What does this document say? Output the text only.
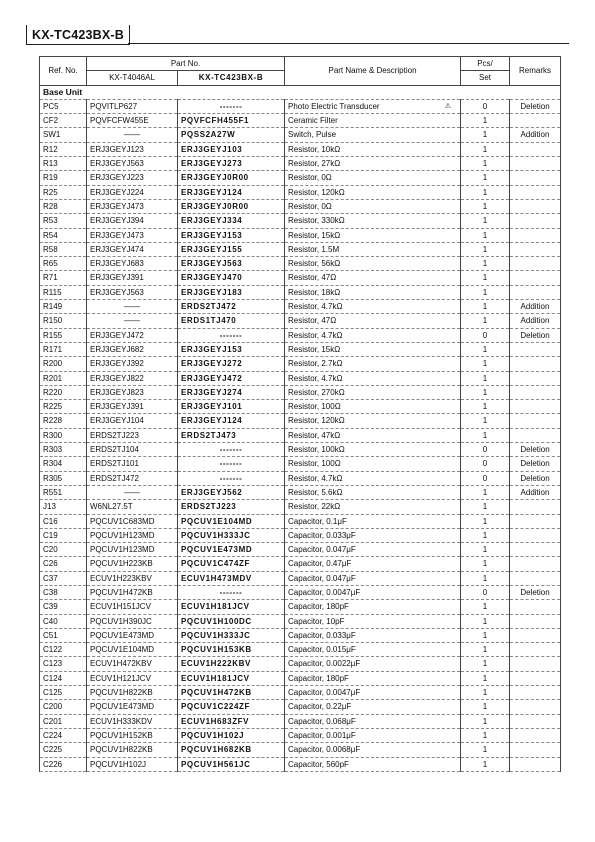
KX-TC423BX-B
Ref. No.	Part No.		Part Name & Description	Pcs/	Remarks
	KX-T4046AL	KX-TC423BX-B		Set	
Base Unit					
PC5	PQVITLP627	-------	Photo Electric Transducer ⚠	0	Deletion
CF2	PQVFCFW455E	PQVFCFH455F1	Ceramic Filter	1	
SW1	——	PQSS2A27W	Switch, Pulse	1	Addition
R12	ERJ3GEYJ123	ERJ3GEYJ103	Resistor, 10kΩ	1	
R13	ERJ3GEYJ563	ERJ3GEYJ273	Resistor, 27kΩ	1	
R19	ERJ3GEYJ223	ERJ3GEYJ0R00	Resistor, 0Ω	1	
R25	ERJ3GEYJ224	ERJ3GEYJ124	Resistor, 120kΩ	1	
R28	ERJ3GEYJ473	ERJ3GEYJ0R00	Resistor, 0Ω	1	
R53	ERJ3GEYJ394	ERJ3GEYJ334	Resistor, 330kΩ	1	
R54	ERJ3GEYJ473	ERJ3GEYJ153	Resistor, 15kΩ	1	
R58	ERJ3GEYJ474	ERJ3GEYJ155	Resistor, 1.5M	1	
R65	ERJ3GEYJ683	ERJ3GEYJ563	Resistor, 56kΩ	1	
R71	ERJ3GEYJ391	ERJ3GEYJ470	Resistor, 47Ω	1	
R115	ERJ3GEYJ563	ERJ3GEYJ183	Resistor, 18kΩ	1	
R149	——	ERDS2TJ472	Resistor, 4.7kΩ	1	Addition
R150	——	ERDS1TJ470	Resistor, 47Ω	1	Addition
R155	ERJ3GEYJ472	-------	Resistor, 4.7kΩ	0	Deletion
R171	ERJ3GEYJ682	ERJ3GEYJ153	Resistor, 15kΩ	1	
R200	ERJ3GEYJ392	ERJ3GEYJ272	Resistor, 2.7kΩ	1	
R201	ERJ3GEYJ822	ERJ3GEYJ472	Resistor, 4.7kΩ	1	
R220	ERJ3GEYJ823	ERJ3GEYJ274	Resistor, 270kΩ	1	
R225	ERJ3GEYJ391	ERJ3GEYJ101	Resistor, 100Ω	1	
R228	ERJ3GEYJ104	ERJ3GEYJ124	Resistor, 120kΩ	1	
R300	ERDS2TJ223	ERDS2TJ473	Resistor, 47kΩ	1	
R303	ERDS2TJ104	-------	Resistor, 100kΩ	0	Deletion
R304	ERDS2TJ101	-------	Resistor, 100Ω	0	Deletion
R305	ERDS2TJ472	-------	Resistor, 4.7kΩ	0	Deletion
R551	——	ERJ3GEYJ562	Resistor, 5.6kΩ	1	Addition
J13	W6NL27.5T	ERDS2TJ223	Resistor, 22kΩ	1	
C16	PQCUV1C683MD	PQCUV1E104MD	Capacitor, 0.1μF	1	
C19	PQCUV1H123MD	PQCUV1H333JC	Capacitor, 0.033μF	1	
C20	PQCUV1H123MD	PQCUV1E473MD	Capacitor, 0.047μF	1	
C26	PQCUV1H223KB	PQCUV1C474ZF	Capacitor, 0.47μF	1	
C37	ECUV1H223KBV	ECUV1H473MDV	Capacitor, 0.047μF	1	
C38	PQCUV1H472KB	-------	Capacitor, 0.0047μF	0	Deletion
C39	ECUV1H151JCV	ECUV1H181JCV	Capacitor, 180pF	1	
C40	PQCUV1H390JC	PQCUV1H100DC	Capacitor, 10pF	1	
C51	PQCUV1E473MD	PQCUV1H333JC	Capacitor, 0.033μF	1	
C122	PQCUV1E104MD	PQCUV1H153KB	Capacitor, 0.015μF	1	
C123	ECUV1H472KBV	ECUV1H222KBV	Capacitor, 0.0022μF	1	
C124	ECUV1H121JCV	ECUV1H181JCV	Capacitor, 180pF	1	
C125	PQCUV1H822KB	PQCUV1H472KB	Capacitor, 0.0047μF	1	
C200	PQCUV1E473MD	PQCUV1C224ZF	Capacitor, 0.22μF	1	
C201	ECUV1H333KDV	ECUV1H683ZFV	Capacitor, 0.068μF	1	
C224	PQCUV1H152KB	PQCUV1H102J	Capacitor, 0.001μF	1	
C225	PQCUV1H822KB	PQCUV1H682KB	Capacitor, 0.0068μF	1	
C226	PQCUV1H102J	PQCUV1H561JC	Capacitor, 560pF	1	
